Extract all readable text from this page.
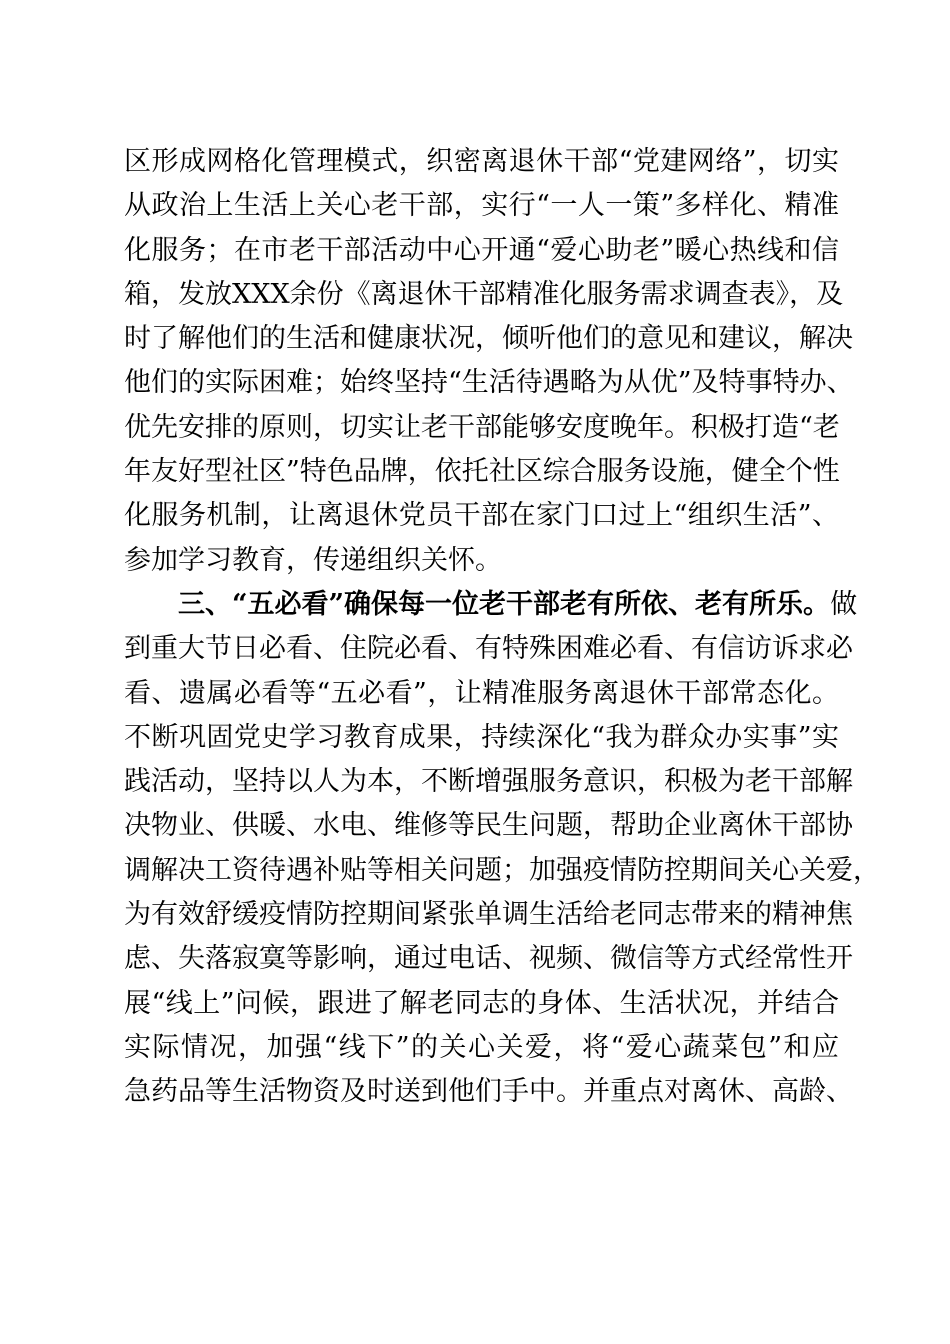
区形成网格化管理模式，织密离退休干部“党建网络”，切实
从政治上生活上关心老干部，实行“一人一策”多样化、精准
化服务；在市老干部活动中心开通“爱心助老”暖心热线和信
箱，发放XXX余份《离退休干部精准化服务需求调查表》，及
时了解他们的生活和健康状况，倾听他们的意见和建议，解决
他们的实际困难；始终坚持“生活待遇略为从优”及特事特办、
优先安排的原则，切实让老干部能够安度晚年。积极打造“老
年友好型社区”特色品牌，依托社区综合服务设施，健全个性
化服务机制，让离退休党员干部在家门口过上“组织生活”、
参加学习教育，传递组织关怀。
三、“五必看”确保每一位老干部老有所依、老有所乐。做
到重大节日必看、住院必看、有特殊困难必看、有信访诉求必
看、遗属必看等“五必看”，让精准服务离退休干部常态化。
不断巩固党史学习教育成果，持续深化“我为群众办实事”实
践活动，坚持以人为本，不断增强服务意识，积极为老干部解
决物业、供暖、水电、维修等民生问题，帮助企业离休干部协
调解决工资待遇补贴等相关问题；加强疫情防控期间关心关爱，
为有效舒缓疫情防控期间紧张单调生活给老同志带来的精神焦
虑、失落寂寞等影响，通过电话、视频、微信等方式经常性开
展“线上”问候，跟进了解老同志的身体、生活状况，并结合
实际情况，加强“线下”的关心关爱，将“爱心蔬菜包”和应
急药品等生活物资及时送到他们手中。并重点对离休、高龄、
